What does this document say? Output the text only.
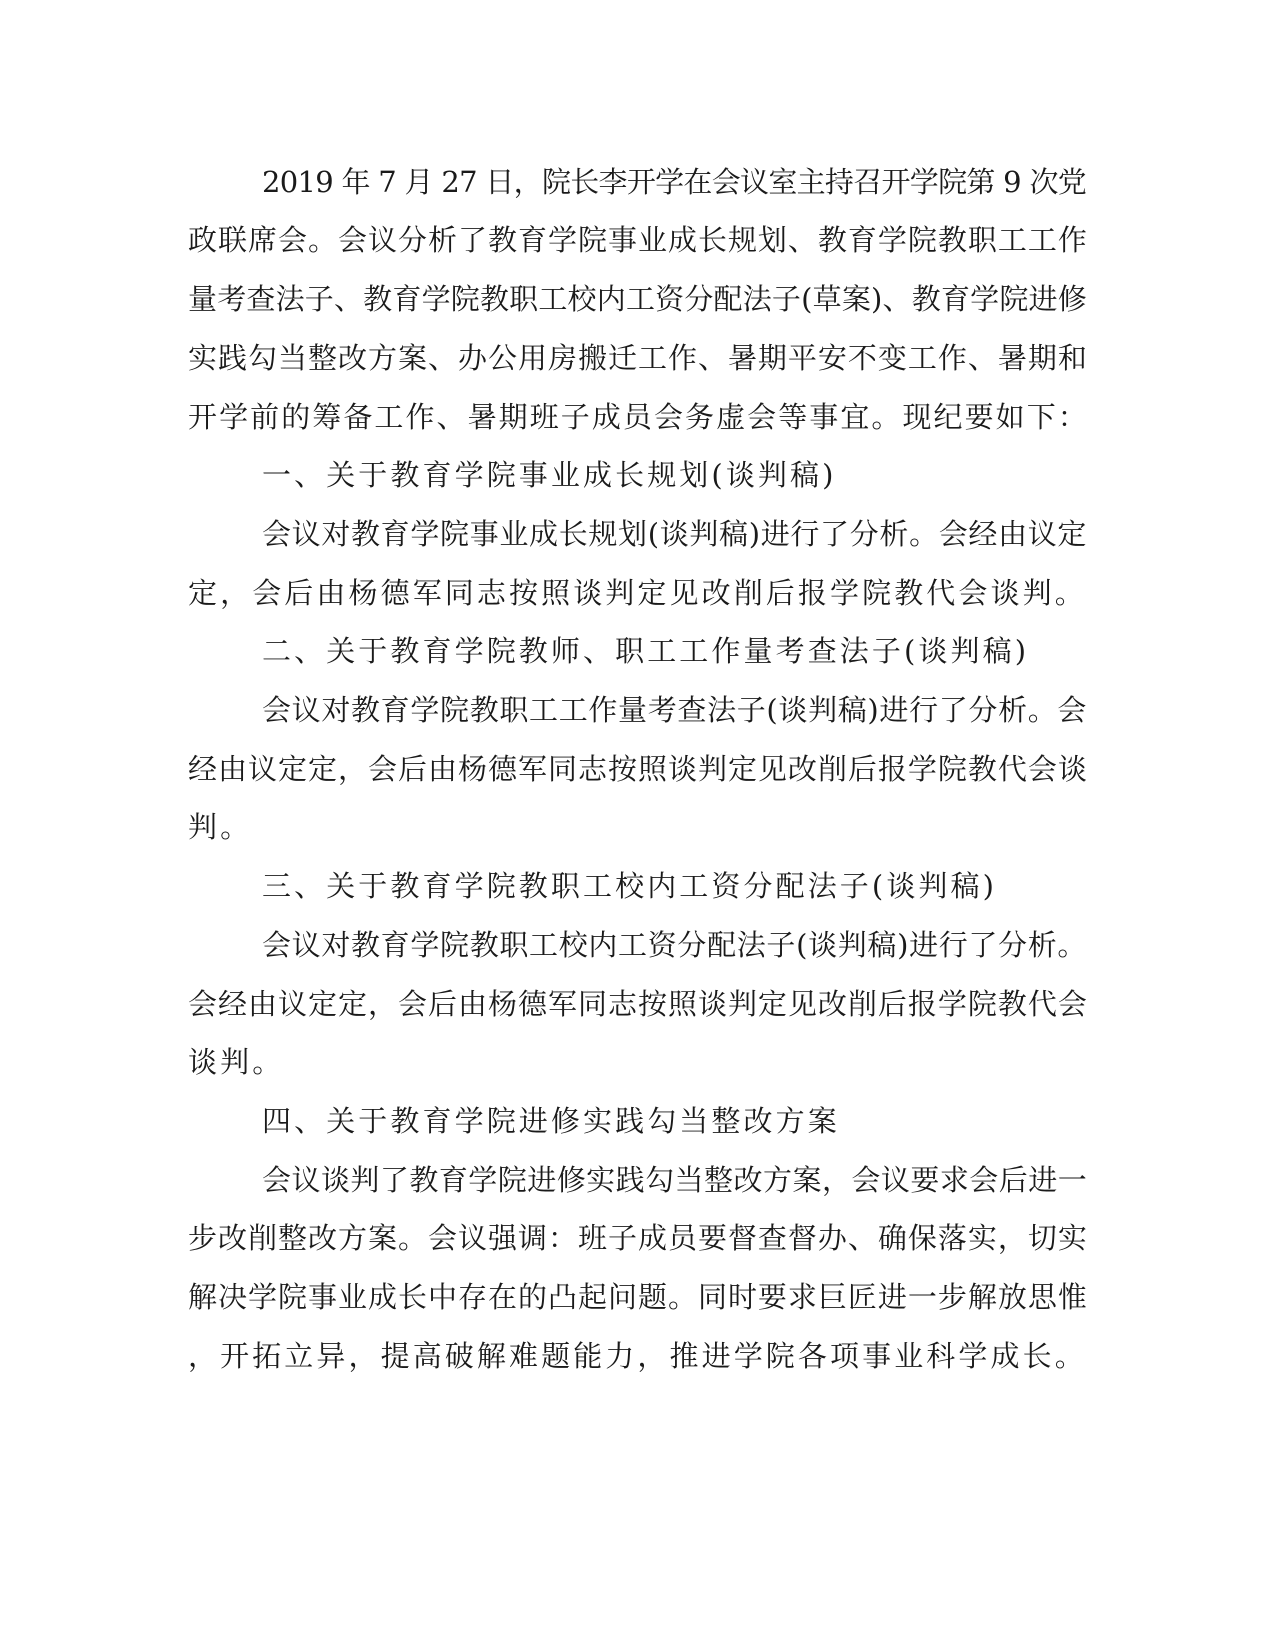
2019 年 7 月 27 日，院长李开学在会议室主持召开学院第 9 次党
政联席会。会议分析了教育学院事业成长规划、教育学院教职工工作
量考查法子、教育学院教职工校内工资分配法子(草案)、教育学院进修
实践勾当整改方案、办公用房搬迁工作、暑期平安不变工作、暑期和
开学前的筹备工作、暑期班子成员会务虚会等事宜。现纪要如下：
一、关于教育学院事业成长规划(谈判稿)
会议对教育学院事业成长规划(谈判稿)进行了分析。会经由议定
定，会后由杨德军同志按照谈判定见改削后报学院教代会谈判。
二、关于教育学院教师、职工工作量考查法子(谈判稿)
会议对教育学院教职工工作量考查法子(谈判稿)进行了分析。会
经由议定定，会后由杨德军同志按照谈判定见改削后报学院教代会谈
判。
三、关于教育学院教职工校内工资分配法子(谈判稿)
会议对教育学院教职工校内工资分配法子(谈判稿)进行了分析。
会经由议定定，会后由杨德军同志按照谈判定见改削后报学院教代会
谈判。
四、关于教育学院进修实践勾当整改方案
会议谈判了教育学院进修实践勾当整改方案，会议要求会后进一
步改削整改方案。会议强调：班子成员要督查督办、确保落实，切实
解决学院事业成长中存在的凸起问题。同时要求巨匠进一步解放思惟
，开拓立异，提高破解难题能力，推进学院各项事业科学成长。
